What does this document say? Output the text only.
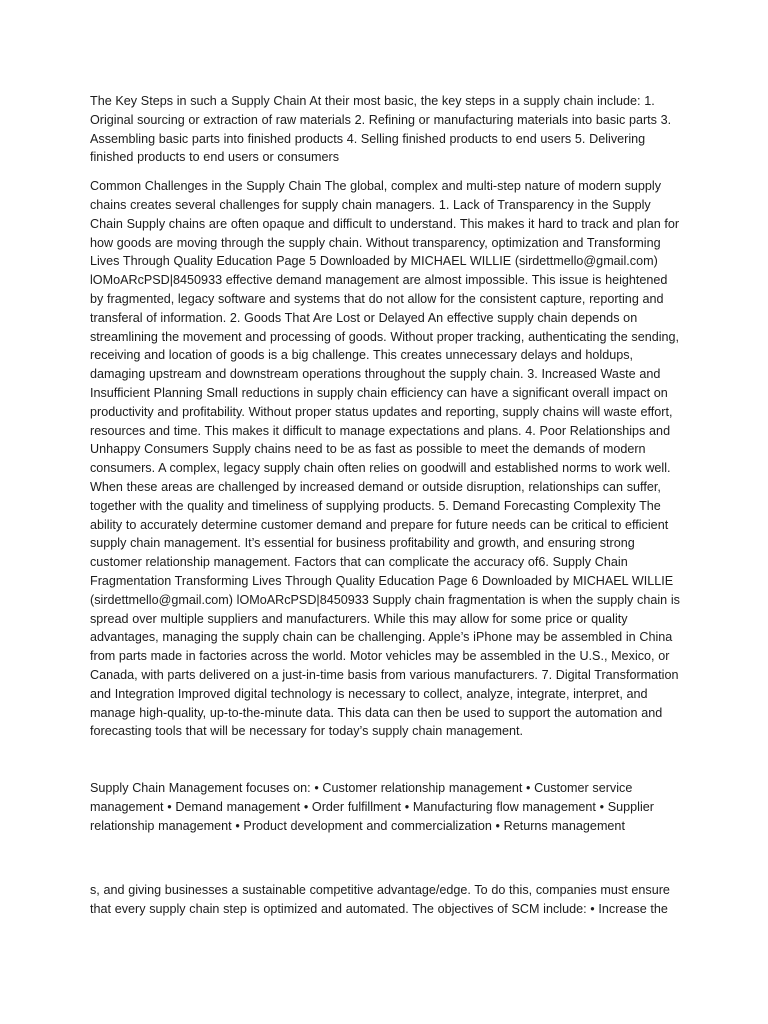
The Key Steps in such a Supply Chain At their most basic, the key steps in a supply chain include: 1. Original sourcing or extraction of raw materials 2. Refining or manufacturing materials into basic parts 3. Assembling basic parts into finished products 4. Selling finished products to end users 5. Delivering finished products to end users or consumers

Common Challenges in the Supply Chain The global, complex and multi-step nature of modern supply chains creates several challenges for supply chain managers. 1. Lack of Transparency in the Supply Chain Supply chains are often opaque and difficult to understand. This makes it hard to track and plan for how goods are moving through the supply chain. Without transparency, optimization and Transforming Lives Through Quality Education Page 5 Downloaded by MICHAEL WILLIE (sirdettmello@gmail.com) lOMoARcPSD|8450933 effective demand management are almost impossible. This issue is heightened by fragmented, legacy software and systems that do not allow for the consistent capture, reporting and transferal of information. 2. Goods That Are Lost or Delayed An effective supply chain depends on streamlining the movement and processing of goods. Without proper tracking, authenticating the sending, receiving and location of goods is a big challenge. This creates unnecessary delays and holdups, damaging upstream and downstream operations throughout the supply chain. 3. Increased Waste and Insufficient Planning Small reductions in supply chain efficiency can have a significant overall impact on productivity and profitability. Without proper status updates and reporting, supply chains will waste effort, resources and time. This makes it difficult to manage expectations and plans. 4. Poor Relationships and Unhappy Consumers Supply chains need to be as fast as possible to meet the demands of modern consumers. A complex, legacy supply chain often relies on goodwill and established norms to work well. When these areas are challenged by increased demand or outside disruption, relationships can suffer, together with the quality and timeliness of supplying products. 5. Demand Forecasting Complexity The ability to accurately determine customer demand and prepare for future needs can be critical to efficient supply chain management. It’s essential for business profitability and growth, and ensuring strong customer relationship management. Factors that can complicate the accuracy of6. Supply Chain Fragmentation Transforming Lives Through Quality Education Page 6 Downloaded by MICHAEL WILLIE (sirdettmello@gmail.com) lOMoARcPSD|8450933 Supply chain fragmentation is when the supply chain is spread over multiple suppliers and manufacturers. While this may allow for some price or quality advantages, managing the supply chain can be challenging. Apple’s iPhone may be assembled in China from parts made in factories across the world. Motor vehicles may be assembled in the U.S., Mexico, or Canada, with parts delivered on a just-in-time basis from various manufacturers. 7. Digital Transformation and Integration Improved digital technology is necessary to collect, analyze, integrate, interpret, and manage high-quality, up-to-the-minute data. This data can then be used to support the automation and forecasting tools that will be necessary for today’s supply chain management.

Supply Chain Management focuses on: • Customer relationship management • Customer service management • Demand management • Order fulfillment • Manufacturing flow management • Supplier relationship management • Product development and commercialization • Returns management

s, and giving businesses a sustainable competitive advantage/edge. To do this, companies must ensure that every supply chain step is optimized and automated. The objectives of SCM include: • Increase the
